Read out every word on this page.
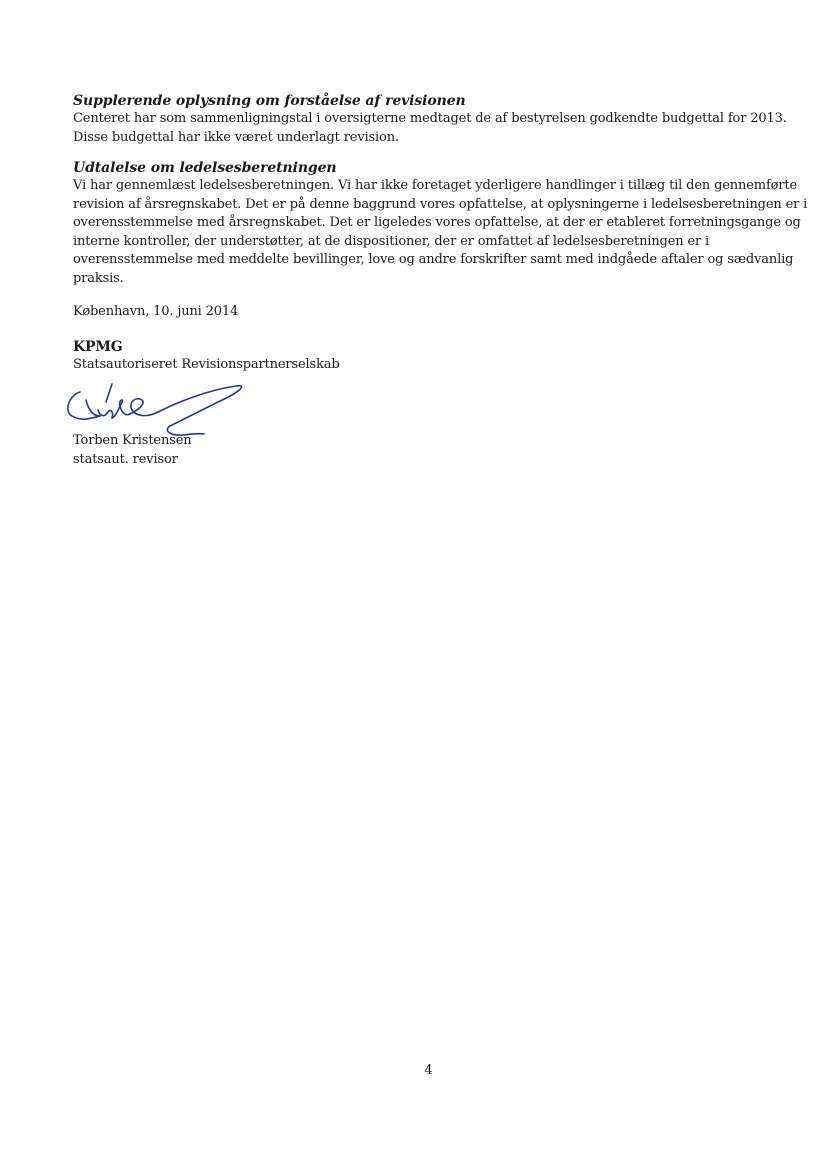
Supplerende oplysning om forståelse af revisionen
Centeret har som sammenligningstal i oversigterne medtaget de af bestyrelsen godkendte budgettal for 2013.
Disse budgettal har ikke været underlagt revision.
Udtalelse om ledelsesberetningen
Vi har gennemlæst ledelsesberetningen. Vi har ikke foretaget yderligere handlinger i tillæg til den gennemførte
revision af årsregnskabet. Det er på denne baggrund vores opfattelse, at oplysningerne i ledelsesberetningen er i
overensstemmelse med årsregnskabet. Det er ligeledes vores opfattelse, at der er etableret forretningsgange og
interne kontroller, der understøtter, at de dispositioner, der er omfattet af ledelsesberetningen er i
overensstemmelse med meddelte bevillinger, love og andre forskrifter samt med indgåede aftaler og sædvanlig
praksis.
København, 10. juni 2014
KPMG
Statsautoriseret Revisionspartnerselskab
Torben Kristensen
statsaut. revisor
4
